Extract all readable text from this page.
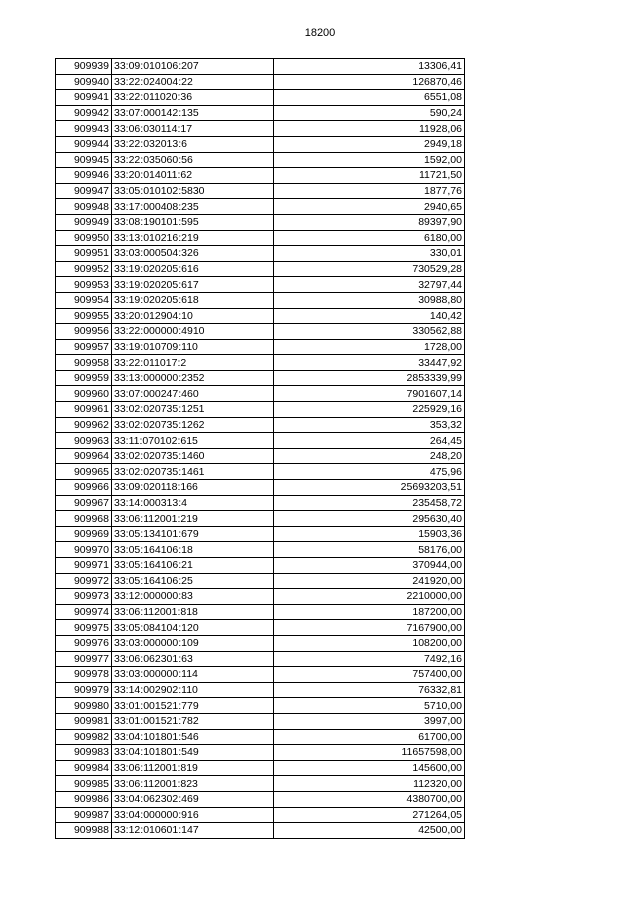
18200
909939	33:09:010106:207	13306,41
909940	33:22:024004:22	126870,46
909941	33:22:011020:36	6551,08
909942	33:07:000142:135	590,24
909943	33:06:030114:17	11928,06
909944	33:22:032013:6	2949,18
909945	33:22:035060:56	1592,00
909946	33:20:014011:62	11721,50
909947	33:05:010102:5830	1877,76
909948	33:17:000408:235	2940,65
909949	33:08:190101:595	89397,90
909950	33:13:010216:219	6180,00
909951	33:03:000504:326	330,01
909952	33:19:020205:616	730529,28
909953	33:19:020205:617	32797,44
909954	33:19:020205:618	30988,80
909955	33:20:012904:10	140,42
909956	33:22:000000:4910	330562,88
909957	33:19:010709:110	1728,00
909958	33:22:011017:2	33447,92
909959	33:13:000000:2352	2853339,99
909960	33:07:000247:460	7901607,14
909961	33:02:020735:1251	225929,16
909962	33:02:020735:1262	353,32
909963	33:11:070102:615	264,45
909964	33:02:020735:1460	248,20
909965	33:02:020735:1461	475,96
909966	33:09:020118:166	25693203,51
909967	33:14:000313:4	235458,72
909968	33:06:112001:219	295630,40
909969	33:05:134101:679	15903,36
909970	33:05:164106:18	58176,00
909971	33:05:164106:21	370944,00
909972	33:05:164106:25	241920,00
909973	33:12:000000:83	2210000,00
909974	33:06:112001:818	187200,00
909975	33:05:084104:120	7167900,00
909976	33:03:000000:109	108200,00
909977	33:06:062301:63	7492,16
909978	33:03:000000:114	757400,00
909979	33:14:002902:110	76332,81
909980	33:01:001521:779	5710,00
909981	33:01:001521:782	3997,00
909982	33:04:101801:546	61700,00
909983	33:04:101801:549	11657598,00
909984	33:06:112001:819	145600,00
909985	33:06:112001:823	112320,00
909986	33:04:062302:469	4380700,00
909987	33:04:000000:916	271264,05
909988	33:12:010601:147	42500,00
